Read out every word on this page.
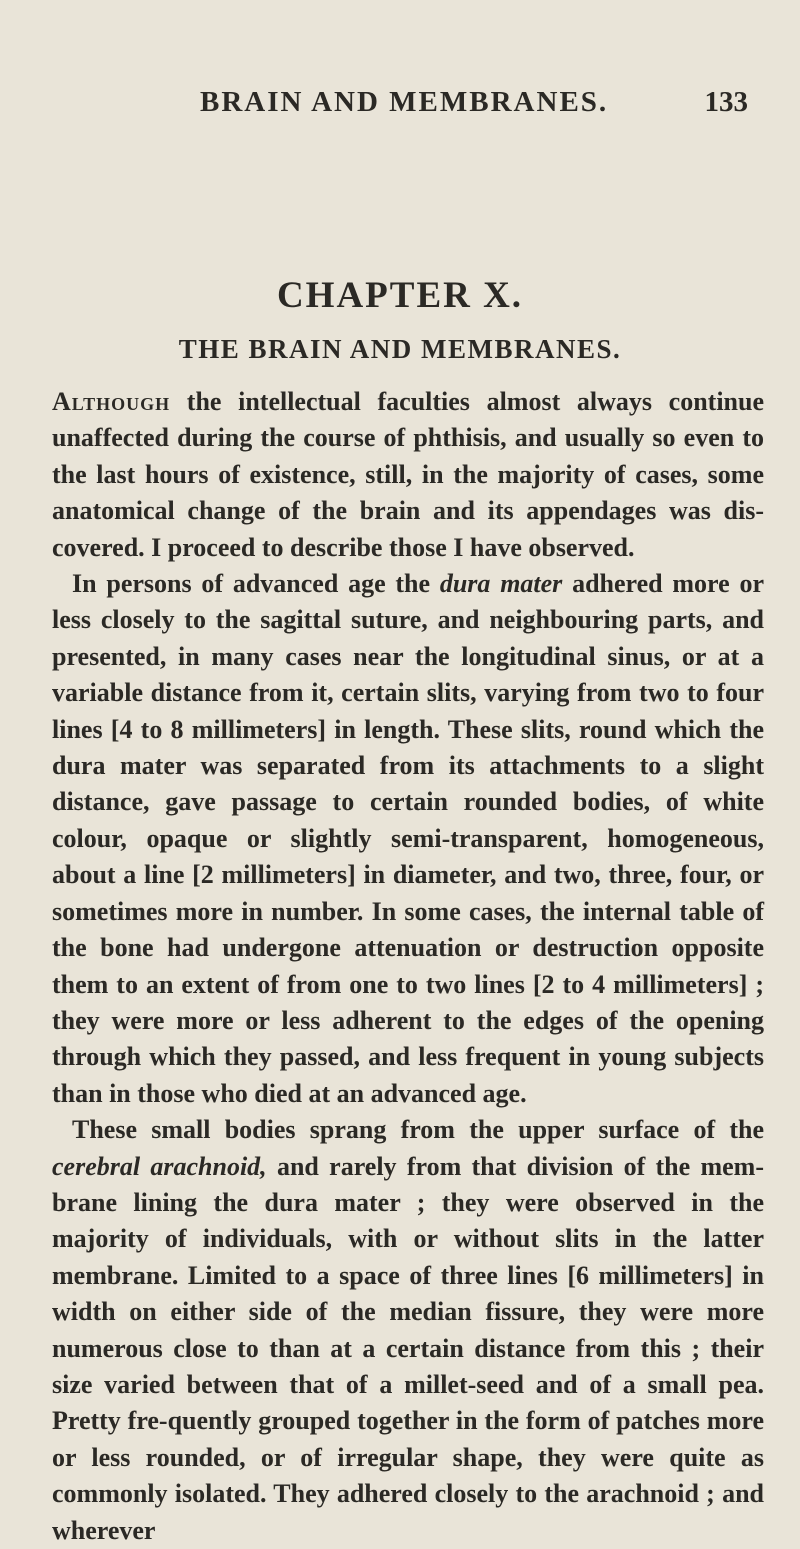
BRAIN AND MEMBRANES.	133
CHAPTER X.
THE BRAIN AND MEMBRANES.

Although the intellectual faculties almost always continue unaffected during the course of phthisis, and usually so even to the last hours of existence, still, in the majority of cases, some anatomical change of the brain and its appendages was dis-covered. I proceed to describe those I have observed.

In persons of advanced age the dura mater adhered more or less closely to the sagittal suture, and neighbouring parts, and presented, in many cases near the longitudinal sinus, or at a variable distance from it, certain slits, varying from two to four lines [4 to 8 millimeters] in length. These slits, round which the dura mater was separated from its attachments to a slight distance, gave passage to certain rounded bodies, of white colour, opaque or slightly semi-transparent, homogeneous, about a line [2 millimeters] in diameter, and two, three, four, or sometimes more in number. In some cases, the internal table of the bone had undergone attenuation or destruction opposite them to an extent of from one to two lines [2 to 4 millimeters] ; they were more or less adherent to the edges of the opening through which they passed, and less frequent in young subjects than in those who died at an advanced age.

These small bodies sprang from the upper surface of the cerebral arachnoid, and rarely from that division of the mem-brane lining the dura mater ; they were observed in the majority of individuals, with or without slits in the latter membrane. Limited to a space of three lines [6 millimeters] in width on either side of the median fissure, they were more numerous close to than at a certain distance from this ; their size varied between that of a millet-seed and of a small pea. Pretty fre-quently grouped together in the form of patches more or less rounded, or of irregular shape, they were quite as commonly isolated. They adhered closely to the arachnoid ; and wherever
